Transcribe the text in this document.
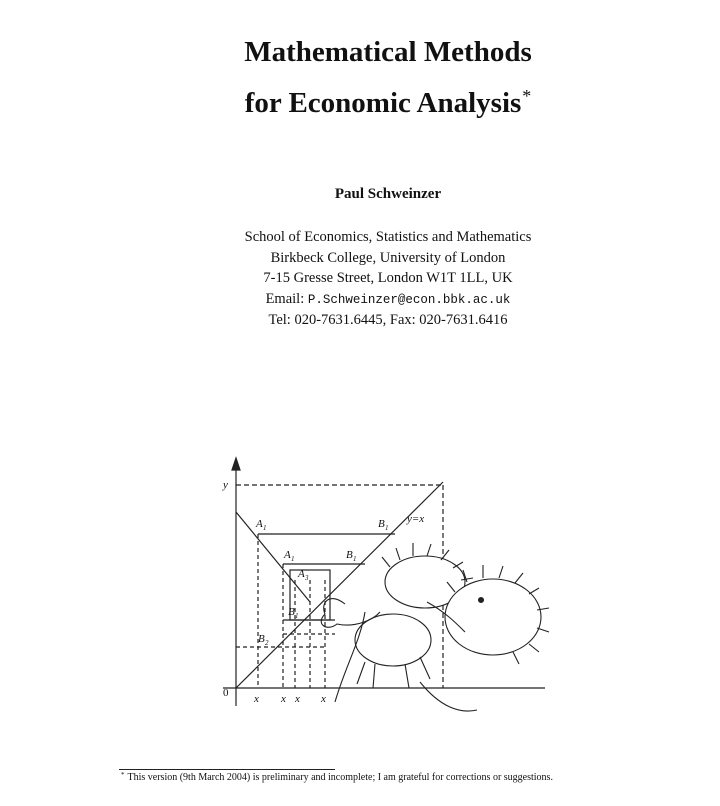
Mathematical Methods
for Economic Analysis*
Paul Schweinzer
School of Economics, Statistics and Mathematics
Birkbeck College, University of London
7-15 Gresse Street, London W1T 1LL, UK
Email: P.Schweinzer@econ.bbk.ac.uk
Tel: 020-7631.6445, Fax: 020-7631.6416
y
0
y=x
A 1	B 1
A 1	B 1
A 3
B 1
B 2
x x x x
* This version (9th March 2004) is preliminary and incomplete; I am grateful for corrections or suggestions.
